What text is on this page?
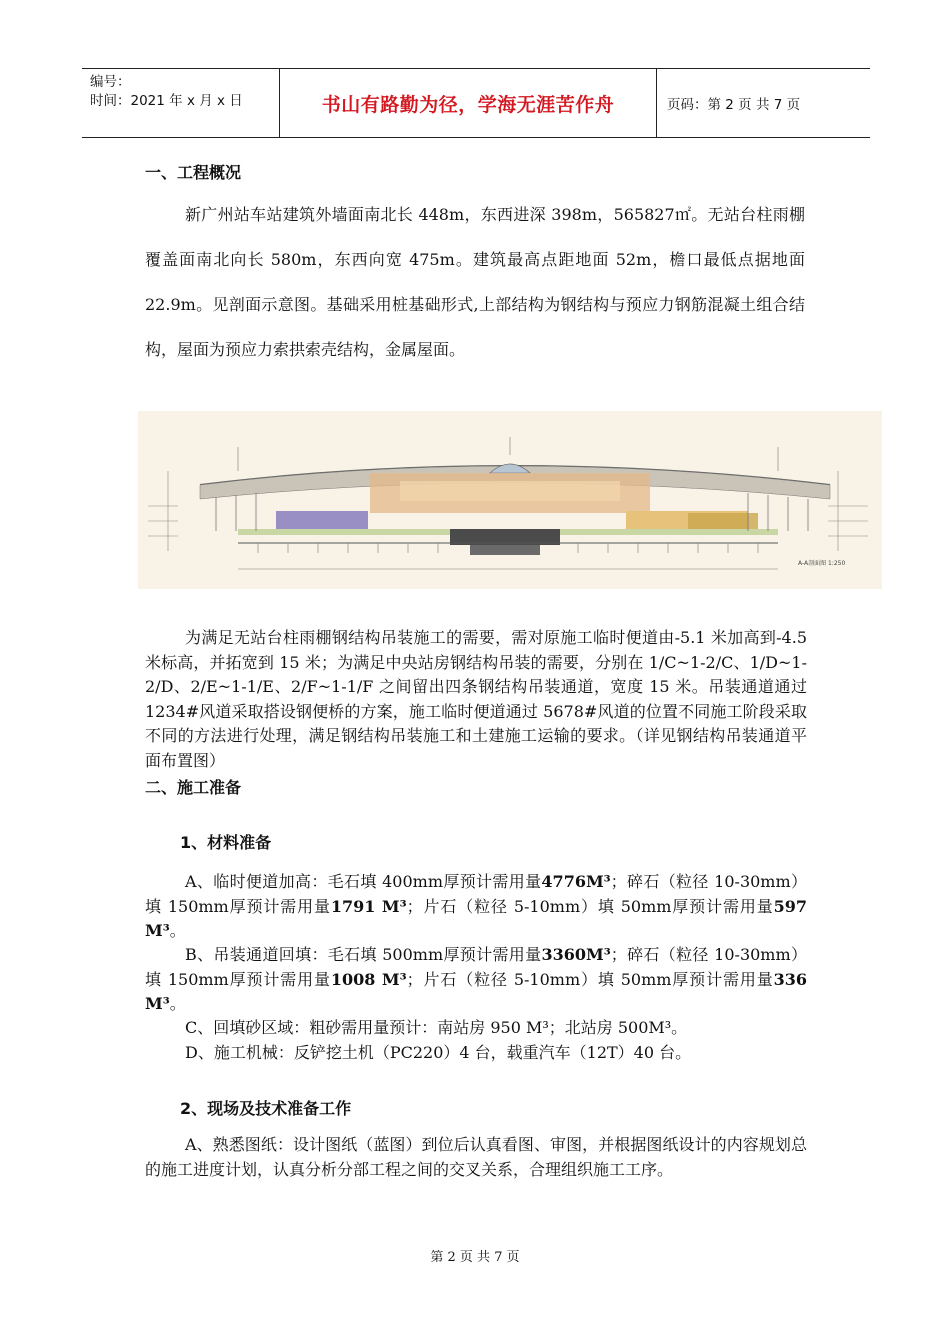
编号：
时间：2021 年 x 月 x 日	书山有路勤为径，学海无涯苦作舟	页码：第 2 页 共 7 页
一、工程概况
新广州站车站建筑外墙面南北长 448m，东西进深 398m，565827㎡。无站台柱雨棚覆盖面南北向长 580m，东西向宽 475m。建筑最高点距地面 52m，檐口最低点据地面 22.9m。见剖面示意图。基础采用桩基础形式,上部结构为钢结构与预应力钢筋混凝土组合结构，屋面为预应力索拱索壳结构，金属屋面。
A-A剖面图 1:250
为满足无站台柱雨棚钢结构吊装施工的需要，需对原施工临时便道由-5.1 米加高到-4.5 米标高，并拓宽到 15 米；为满足中央站房钢结构吊装的需要，分别在 1/C~1-2/C、1/D~1-2/D、2/E~1-1/E、2/F~1-1/F 之间留出四条钢结构吊装通道，宽度 15 米。吊装通道通过 1234#风道采取搭设钢便桥的方案，施工临时便道通过 5678#风道的位置不同施工阶段采取不同的方法进行处理，满足钢结构吊装施工和土建施工运输的要求。（详见钢结构吊装通道平面布置图）
二、施工准备
1、材料准备
A、临时便道加高：毛石填 400mm厚预计需用量4776M³；碎石（粒径 10-30mm）填 150mm厚预计需用量1791 M³；片石（粒径 5-10mm）填 50mm厚预计需用量597 M³。
B、吊装通道回填：毛石填 500mm厚预计需用量3360M³；碎石（粒径 10-30mm）填 150mm厚预计需用量1008 M³；片石（粒径 5-10mm）填 50mm厚预计需用量336 M³。
C、回填砂区域：粗砂需用量预计：南站房 950 M³；北站房 500M³。
D、施工机械：反铲挖土机（PC220）4 台，载重汽车（12T）40 台。
2、现场及技术准备工作
A、熟悉图纸：设计图纸（蓝图）到位后认真看图、审图，并根据图纸设计的内容规划总的施工进度计划，认真分析分部工程之间的交叉关系，合理组织施工工序。
第 2 页 共 7 页
